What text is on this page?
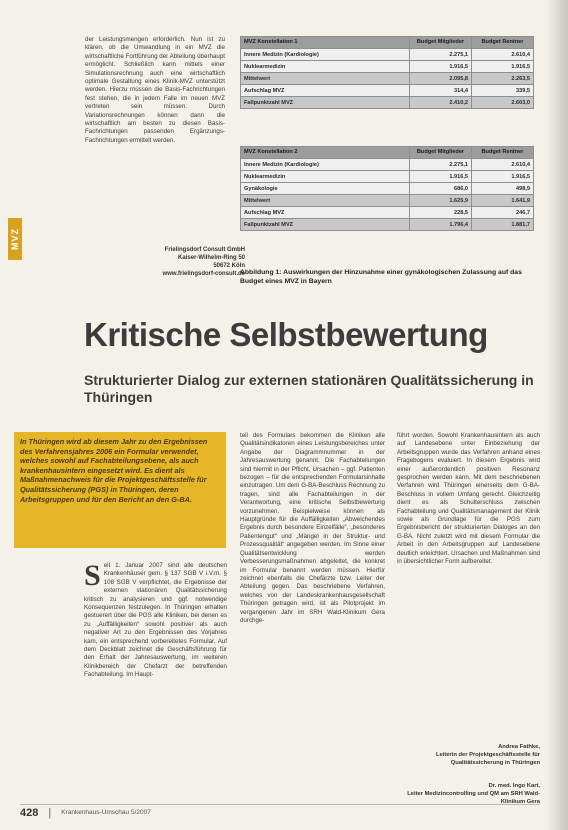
MVZ

der Leistungsmengen erforderlich. Nun ist zu klären, ob die Umwandlung in ein MVZ die wirtschaftliche Fortführung der Abteilung überhaupt ermöglicht. Schließlich kann mittels einer Simulationsrechnung auch eine wirtschaftlich optimale Gestaltung eines Klinik-MVZ unterstützt werden. Hierzu müssen die Basis-Fachrichtungen fest stehen, die in jedem Falle im neuen MVZ vertreten sein müssen. Durch Variationsrechnungen können dann die wirtschaftlich am besten zu diesen Basis-Fachrichtungen passenden Ergänzungs-Fachrichtungen ermittelt werden.

Frielingsdorf Consult GmbH
Kaiser-Wilhelm-Ring 50
50672 Köln
www.frielingsdorf-consult.de
MVZ Konstellation 1	Budget Mitglieder	Budget Rentner
Innere Medizin (Kardiologie)	2.275,1	2.610,4
Nuklearmedizin	1.916,5	1.916,5
Mittelwert	2.095,8	2.263,5
Aufschlag MVZ	314,4	339,5
Fallpunktzahl MVZ	2.410,2	2.603,0
MVZ Konstellation 2	Budget Mitglieder	Budget Rentner
Innere Medizin (Kardiologie)	2.275,1	2.610,4
Nuklearmedizin	1.916,5	1.916,5
Gynäkologie	686,0	498,9
Mittelwert	1.625,9	1.641,9
Aufschlag MVZ	228,5	246,7
Fallpunktzahl MVZ	1.796,4	1.881,7

Abbildung 1: Auswirkungen der Hinzunahme einer gynäkologischen Zulassung auf das Budget eines MVZ in Bayern

Kritische Selbstbewertung
Strukturierter Dialog zur externen stationären Qualitätssicherung in Thüringen

In Thüringen wird ab diesem Jahr zu den Ergebnissen des Verfahrensjahres 2006 ein Formular verwendet, welches sowohl auf Fachabteilungsebene, als auch krankenhausintern eingesetzt wird. Es dient als Maßnahmenachweis für die Projektgeschäftsstelle für Qualitätssicherung (PGS) in Thüringen, deren Arbeitsgruppen und für den Bericht an den G-BA.

S eit 1. Januar 2007 sind alle deutschen Krankenhäuser gem. § 137 SGB V i.V.m. § 108 SGB V verpflichtet, die Ergebnisse der externen stationären Qualitätssicherung kritisch zu analysieren und ggf. notwendige Konsequenzen festzulegen. In Thüringen erhalten gestuerert über die PGS alle Kliniken, bei denen es zu „Auffälligkeiten“ sowohl positiver als auch negativer Art zu den Ergebnissen des Vorjahres kam, ein entsprechend vorbereitetes Formular. Auf dem Deckblatt zeichnet die Geschäftsführung für den Erhalt der Jahresauswertung, im weiteren Klinikbereich der Chefarzt der betreffenden Fachabteilung. Im Haupt-

teil des Formulars bekommen die Kliniken alle Qualitätsindikatoren eines Leistungsbereiches unter Angabe der Diagrammnummer in der Jahresauswertung genannt. Die Fachabteilungen sind hiermit in der Pflicht, Ursachen – ggf. Patienten bezogen – für die entsprechenden Formularsinhalte einzutragen. Um dem G-BA-Beschluss Rechnung zu tragen, sind alle Fachabteilungen in der Verantwortung, eine kritische Selbstbewertung vorzunehmen. Beispielweise können als Hauptgründe für die Auffälligkeiten „Abweichendes Ergebnis durch besondere Einzelfälle“, „besonderes Patientengut“ und „Mängel in der Struktur- und Prozessqualität“ angegeben werden. Im Sinne einer Qualitätsentwicklung werden Verbesserungsmaßnahmen abgeleitet, die konkret im Formular benannt werden müssen. Hierfür zeichnet ebenfalls die Chefärzte bzw. Leiter der Abteilung gegen. Das beschriebene Verfahren, welches von der Landeskrankenhausgesellschaft Thüringen getragen wird, ist als Pilotprojekt im vergangenen Jahr im SRH Wald-Klinikum Gera durchge-

führt worden. Sowohl Krankenhausintern als auch auf Landesebene unter Einbeziehung der Arbeitsgruppen wurde das Verfahren anhand eines Fragebogens evaluiert. In diesem Ergebnis wird einer außerordentlich positiven Resonanz gesprochen werden kann. Mit dem beschriebenen Verfahren wird Thüringen einerseits dem G-BA-Beschluss in vollem Umfang gerecht. Gleichzeitig dient es als Schulterschluss zwischen Fachabteilung und Qualitätsmanagement der Klinik sowie als Grundlage für die PGS zum Ergebnisbericht der strukturierten Dialoges an den G-BA. Nicht zuletzt wird mit diesem Formular die Arbeit in den Arbeitsgruppen auf Landesebene deutlich erleichtert. Ursachen und Maßnahmen sind in übersichtlicher Form aufbereitet.

Andrea Fathke,
Leiterin der Projektgeschäftsstelle für Qualitätssicherung in Thüringen
Dr. med. Ingo Kart,
Leiter Medizincontrolling und QM am SRH Wald-Klinikum Gera
428 | Krankenhaus-Umschau 5/2007
